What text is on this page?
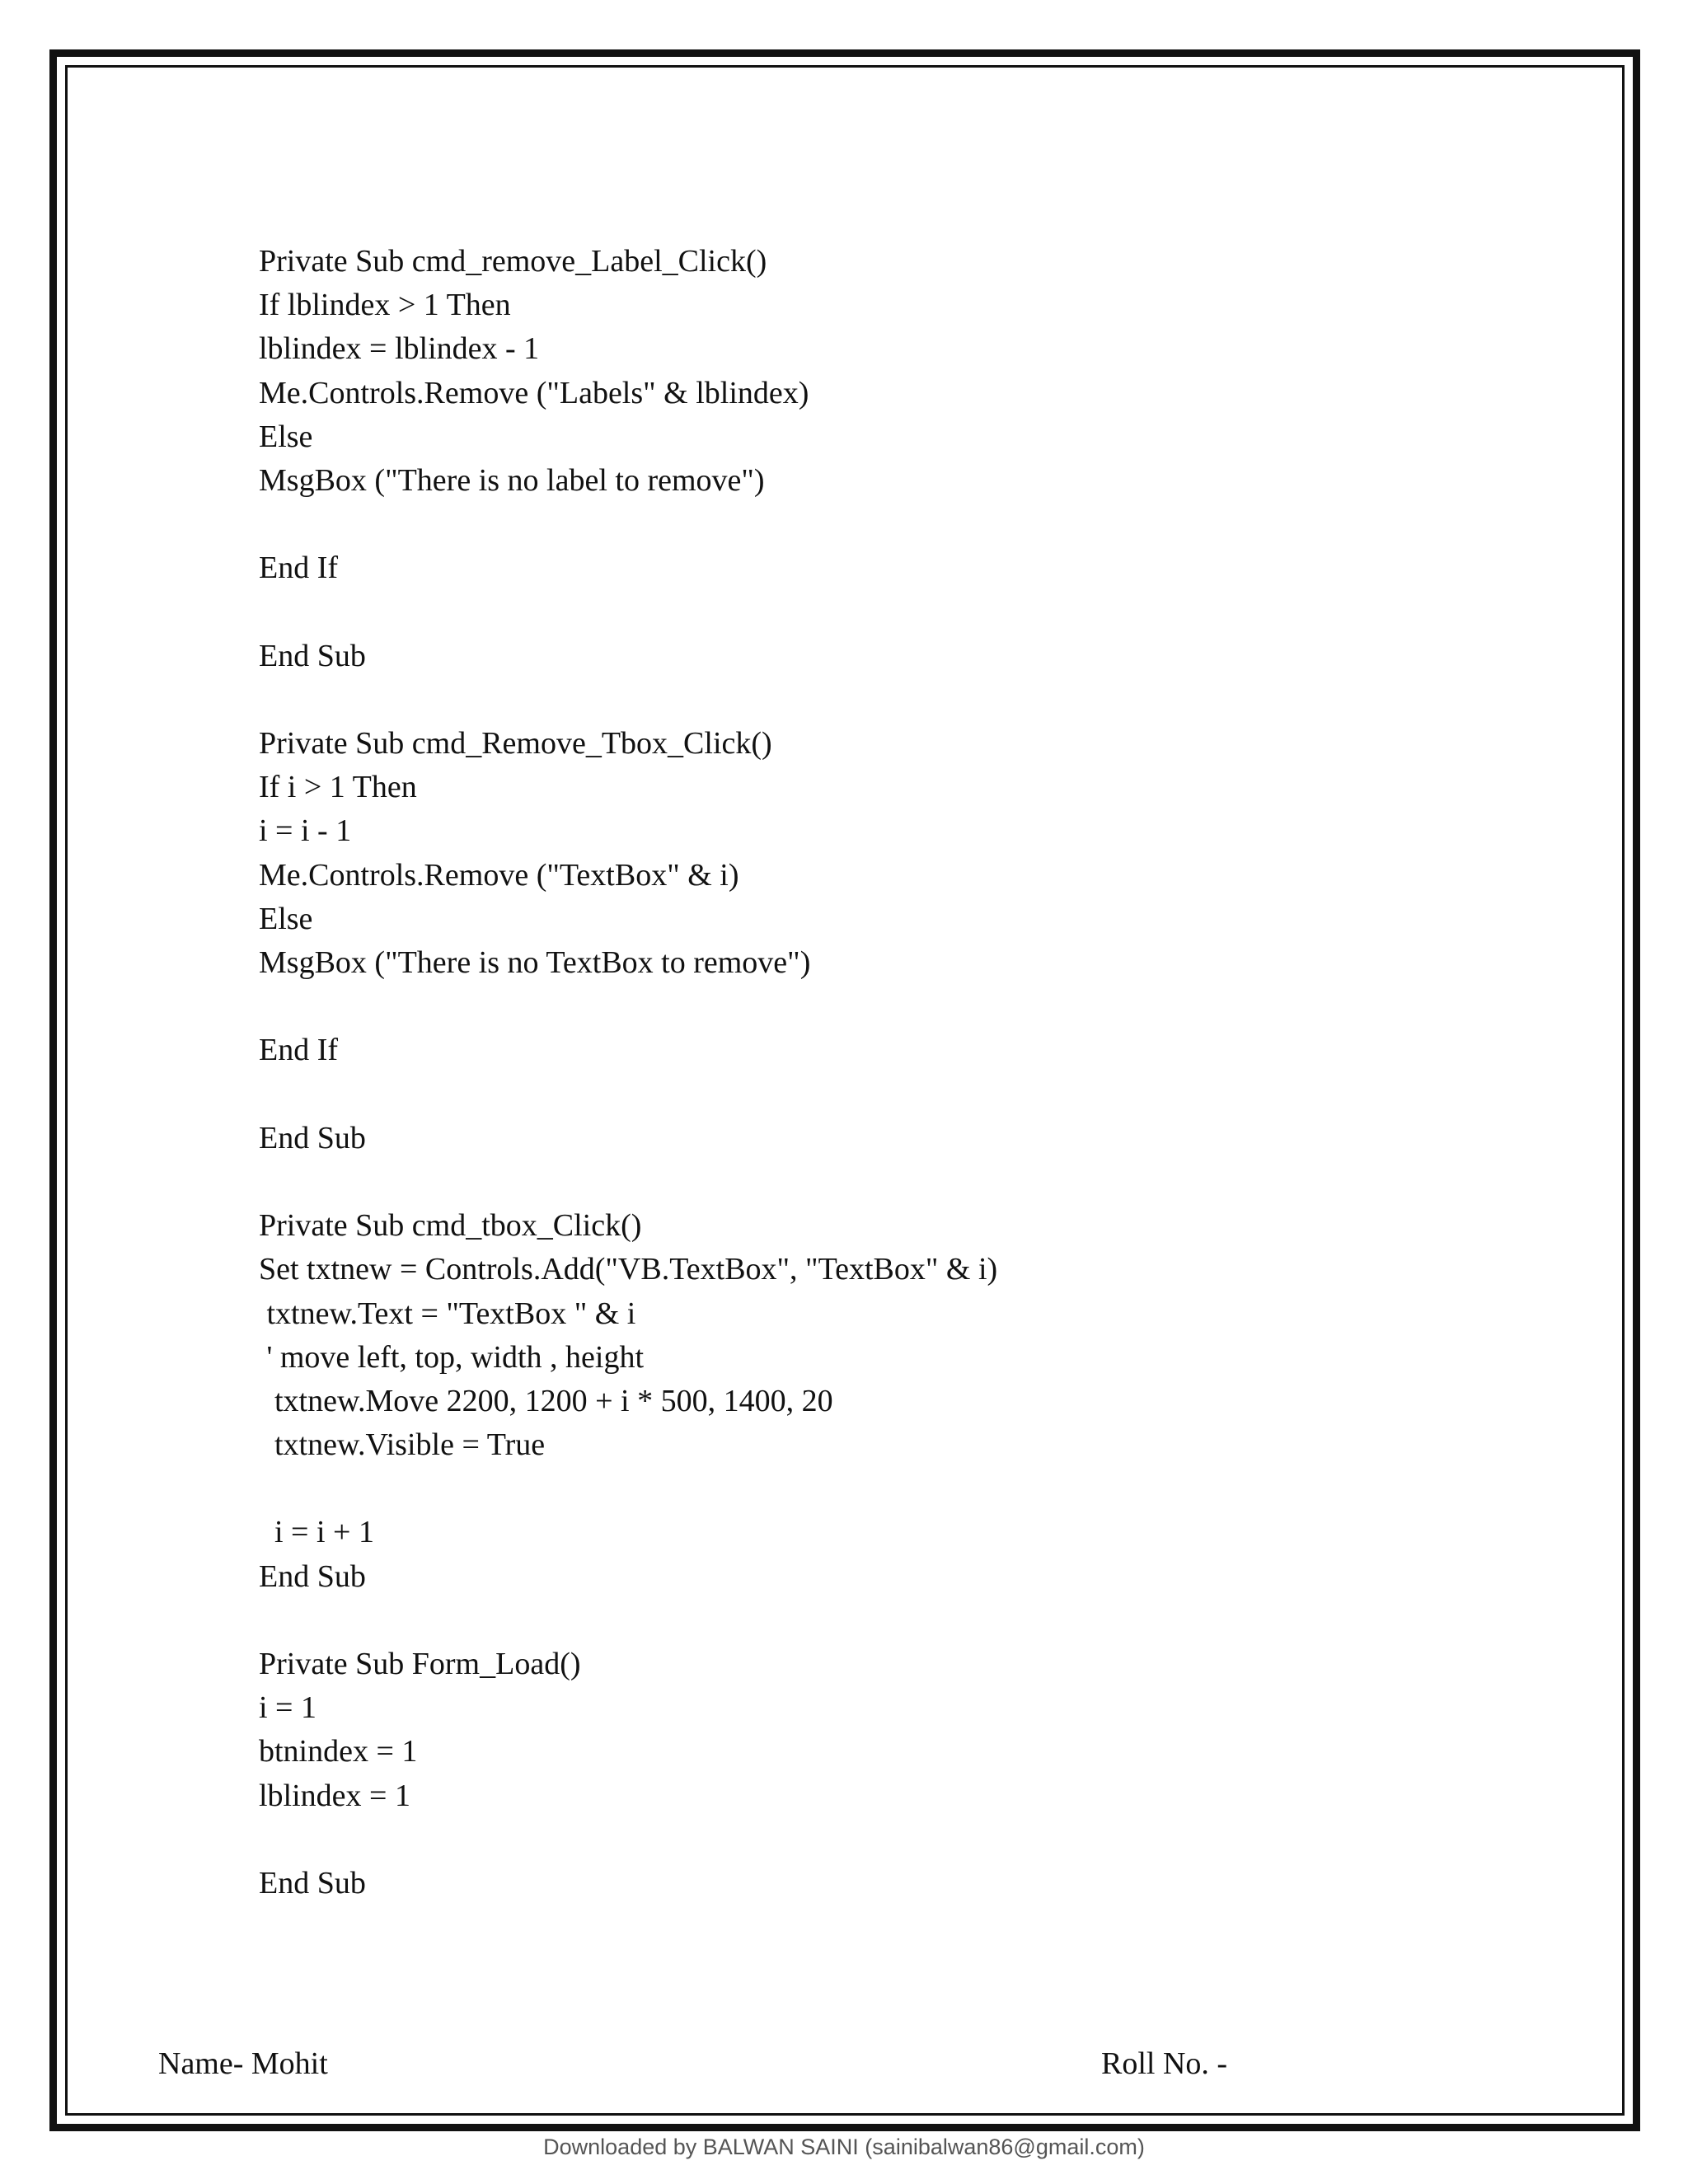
Private Sub cmd_remove_Label_Click()
If lblindex > 1 Then
lblindex = lblindex - 1
Me.Controls.Remove ("Labels" & lblindex)
Else
MsgBox ("There is no label to remove")
End If
End Sub
Private Sub cmd_Remove_Tbox_Click()
If i > 1 Then
i = i - 1
Me.Controls.Remove ("TextBox" & i)
Else
MsgBox ("There is no TextBox to remove")
End If
End Sub
Private Sub cmd_tbox_Click()
Set txtnew = Controls.Add("VB.TextBox", "TextBox" & i)
txtnew.Text = "TextBox " & i
' move left, top, width , height
txtnew.Move 2200, 1200 + i * 500, 1400, 20
txtnew.Visible = True
i = i + 1
End Sub
Private Sub Form_Load()
i = 1
btnindex = 1
lblindex = 1
End Sub
Name- Mohit	Roll No. -
Downloaded by BALWAN SAINI (sainibalwan86@gmail.com)
